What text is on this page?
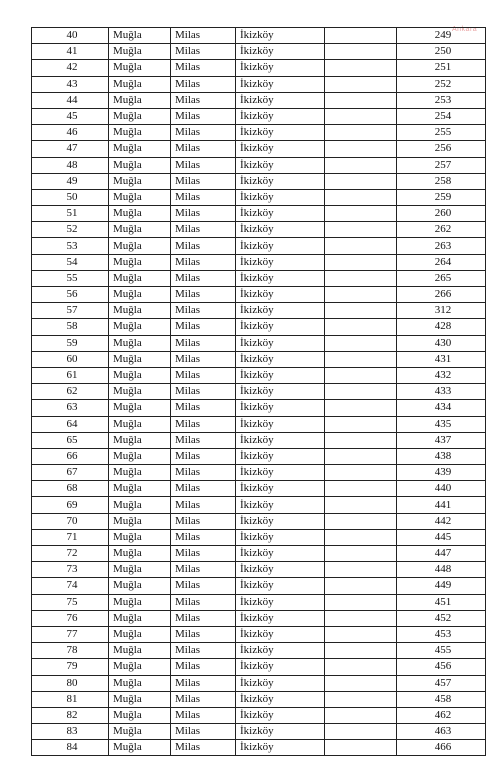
Ankara
40	Muğla	Milas	İkizköy		249
41	Muğla	Milas	İkizköy		250
42	Muğla	Milas	İkizköy		251
43	Muğla	Milas	İkizköy		252
44	Muğla	Milas	İkizköy		253
45	Muğla	Milas	İkizköy		254
46	Muğla	Milas	İkizköy		255
47	Muğla	Milas	İkizköy		256
48	Muğla	Milas	İkizköy		257
49	Muğla	Milas	İkizköy		258
50	Muğla	Milas	İkizköy		259
51	Muğla	Milas	İkizköy		260
52	Muğla	Milas	İkizköy		262
53	Muğla	Milas	İkizköy		263
54	Muğla	Milas	İkizköy		264
55	Muğla	Milas	İkizköy		265
56	Muğla	Milas	İkizköy		266
57	Muğla	Milas	İkizköy		312
58	Muğla	Milas	İkizköy		428
59	Muğla	Milas	İkizköy		430
60	Muğla	Milas	İkizköy		431
61	Muğla	Milas	İkizköy		432
62	Muğla	Milas	İkizköy		433
63	Muğla	Milas	İkizköy		434
64	Muğla	Milas	İkizköy		435
65	Muğla	Milas	İkizköy		437
66	Muğla	Milas	İkizköy		438
67	Muğla	Milas	İkizköy		439
68	Muğla	Milas	İkizköy		440
69	Muğla	Milas	İkizköy		441
70	Muğla	Milas	İkizköy		442
71	Muğla	Milas	İkizköy		445
72	Muğla	Milas	İkizköy		447
73	Muğla	Milas	İkizköy		448
74	Muğla	Milas	İkizköy		449
75	Muğla	Milas	İkizköy		451
76	Muğla	Milas	İkizköy		452
77	Muğla	Milas	İkizköy		453
78	Muğla	Milas	İkizköy		455
79	Muğla	Milas	İkizköy		456
80	Muğla	Milas	İkizköy		457
81	Muğla	Milas	İkizköy		458
82	Muğla	Milas	İkizköy		462
83	Muğla	Milas	İkizköy		463
84	Muğla	Milas	İkizköy		466
